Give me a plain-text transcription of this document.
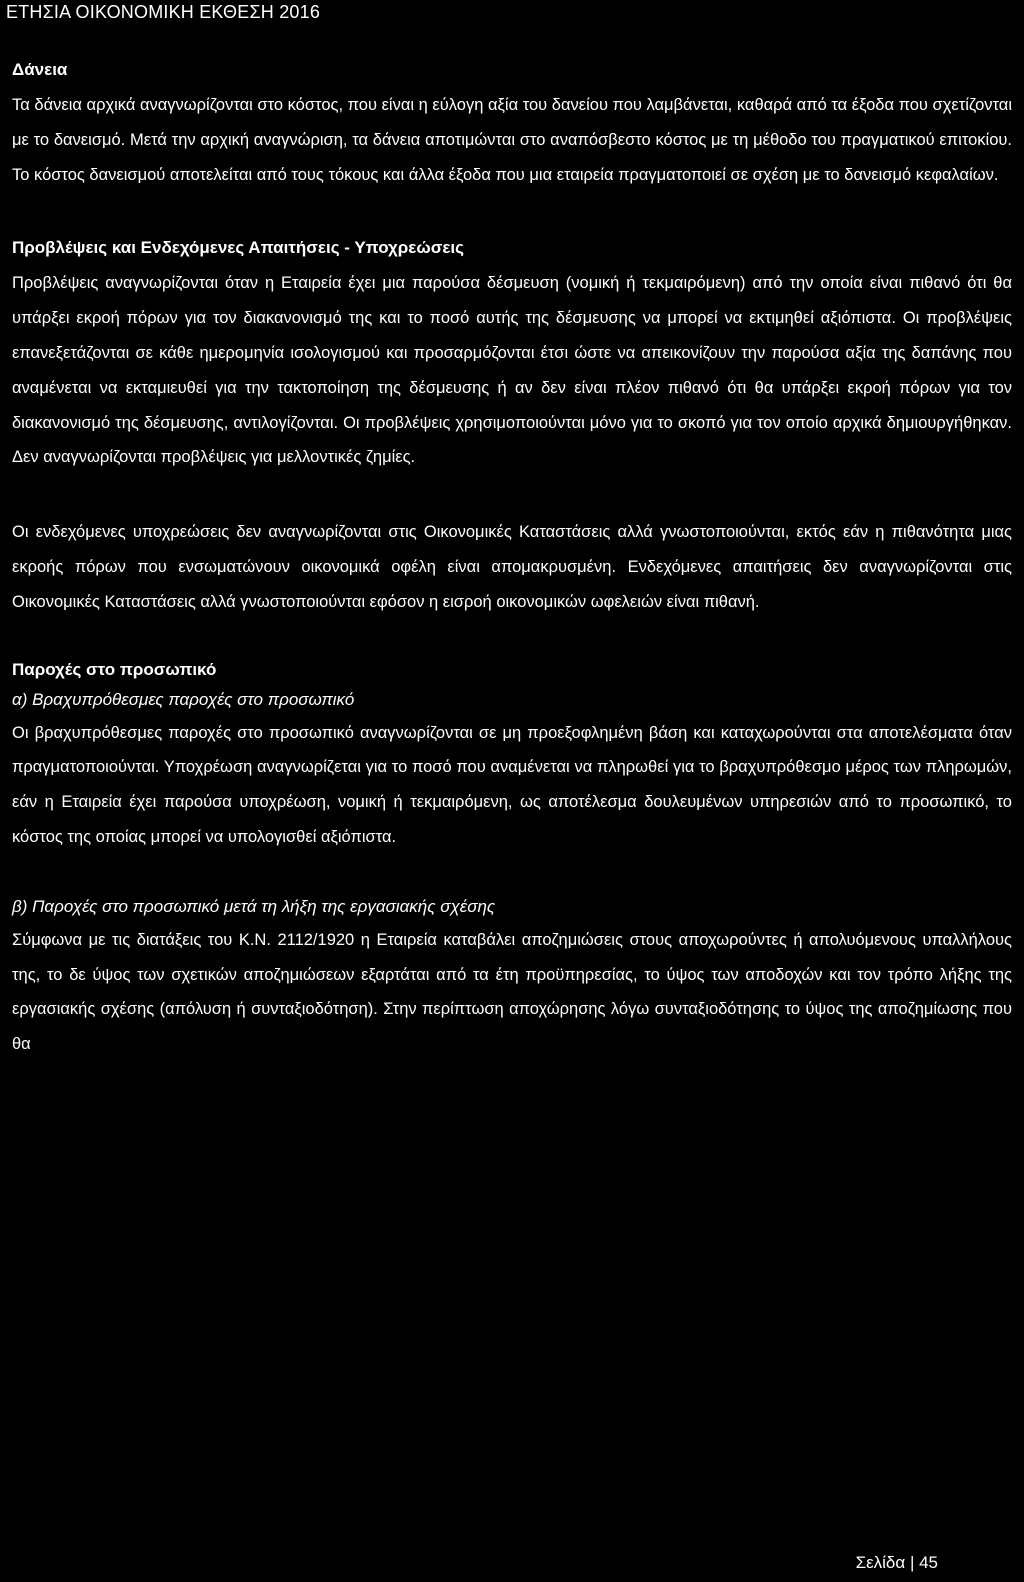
ΕΤΗΣΙΑ ΟΙΚΟΝΟΜΙΚΗ ΕΚΘΕΣΗ 2016
Δάνεια

Τα δάνεια αρχικά αναγνωρίζονται στο κόστος, που είναι η εύλογη αξία του δανείου που λαμβάνεται, καθαρά από τα έξοδα που σχετίζονται με το δανεισμό. Μετά την αρχική αναγνώριση, τα δάνεια αποτιμώνται στο αναπόσβεστο κόστος με τη μέθοδο του πραγματικού επιτοκίου. Το κόστος δανεισμού αποτελείται από τους τόκους και άλλα έξοδα που μια εταιρεία πραγματοποιεί σε σχέση με το δανεισμό κεφαλαίων.

Προβλέψεις και Ενδεχόμενες Απαιτήσεις - Υποχρεώσεις

Προβλέψεις αναγνωρίζονται όταν η Εταιρεία έχει μια παρούσα δέσμευση (νομική ή τεκμαιρόμενη) από την οποία είναι πιθανό ότι θα υπάρξει εκροή πόρων για τον διακανονισμό της και το ποσό αυτής της δέσμευσης να μπορεί να εκτιμηθεί αξιόπιστα. Οι προβλέψεις επανεξετάζονται σε κάθε ημερομηνία ισολογισμού και προσαρμόζονται έτσι ώστε να απεικονίζουν την παρούσα αξία της δαπάνης που αναμένεται να εκταμιευθεί για την τακτοποίηση της δέσμευσης ή αν δεν είναι πλέον πιθανό ότι θα υπάρξει εκροή πόρων για τον διακανονισμό της δέσμευσης, αντιλογίζονται. Οι προβλέψεις χρησιμοποιούνται μόνο για το σκοπό για τον οποίο αρχικά δημιουργήθηκαν. Δεν αναγνωρίζονται προβλέψεις για μελλοντικές ζημίες.

Οι ενδεχόμενες υποχρεώσεις δεν αναγνωρίζονται στις Οικονομικές Καταστάσεις αλλά γνωστοποιούνται, εκτός εάν η πιθανότητα μιας εκροής πόρων που ενσωματώνουν οικονομικά οφέλη είναι απομακρυσμένη. Ενδεχόμενες απαιτήσεις δεν αναγνωρίζονται στις Οικονομικές Καταστάσεις αλλά γνωστοποιούνται εφόσον η εισροή οικονομικών ωφελειών είναι πιθανή.

Παροχές στο προσωπικό
α) Βραχυπρόθεσμες παροχές στο προσωπικό

Οι βραχυπρόθεσμες παροχές στο προσωπικό αναγνωρίζονται σε μη προεξοφλημένη βάση και καταχωρούνται στα αποτελέσματα όταν πραγματοποιούνται. Υποχρέωση αναγνωρίζεται για το ποσό που αναμένεται να πληρωθεί για το βραχυπρόθεσμο μέρος των πληρωμών, εάν η Εταιρεία έχει παρούσα υποχρέωση, νομική ή τεκμαιρόμενη, ως αποτέλεσμα δουλευμένων υπηρεσιών από το προσωπικό, το κόστος της οποίας μπορεί να υπολογισθεί αξιόπιστα.

β) Παροχές στο προσωπικό μετά τη λήξη της εργασιακής σχέσης

Σύμφωνα με τις διατάξεις του Κ.Ν. 2112/1920 η Εταιρεία καταβάλει αποζημιώσεις στους αποχωρούντες ή απολυόμενους υπαλλήλους της, το δε ύψος των σχετικών αποζημιώσεων εξαρτάται από τα έτη προϋπηρεσίας, το ύψος των αποδοχών και τον τρόπο λήξης της εργασιακής σχέσης (απόλυση ή συνταξιοδότηση). Στην περίπτωση αποχώρησης λόγω συνταξιοδότησης το ύψος της αποζημίωσης που θα

Σελίδα | 45
